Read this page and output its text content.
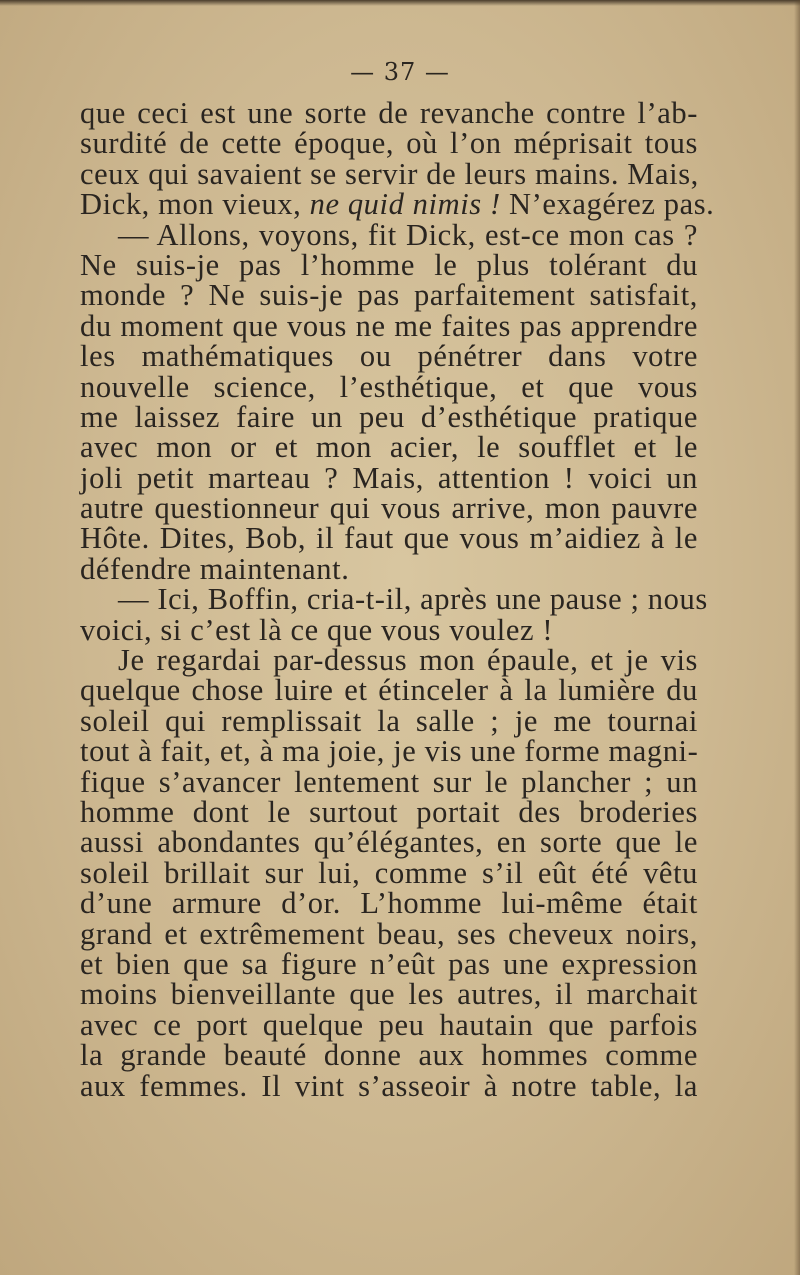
— 37 —
que ceci est une sorte de revanche contre l’ab-
surdité de cette époque, où l’on méprisait tous
ceux qui savaient se servir de leurs mains. Mais,
Dick, mon vieux, ne quid nimis ! N’exagérez pas.
— Allons, voyons, fit Dick, est-ce mon cas ?
Ne suis-je pas l’homme le plus tolérant du
monde ? Ne suis-je pas parfaitement satisfait,
du moment que vous ne me faites pas apprendre
les mathématiques ou pénétrer dans votre
nouvelle science, l’esthétique, et que vous
me laissez faire un peu d’esthétique pratique
avec mon or et mon acier, le soufflet et le
joli petit marteau ? Mais, attention ! voici un
autre questionneur qui vous arrive, mon pauvre
Hôte. Dites, Bob, il faut que vous m’aidiez à le
défendre maintenant.
— Ici, Boffin, cria-t-il, après une pause ; nous
voici, si c’est là ce que vous voulez !
Je regardai par-dessus mon épaule, et je vis
quelque chose luire et étinceler à la lumière du
soleil qui remplissait la salle ; je me tournai
tout à fait, et, à ma joie, je vis une forme magni-
fique s’avancer lentement sur le plancher ; un
homme dont le surtout portait des broderies
aussi abondantes qu’élégantes, en sorte que le
soleil brillait sur lui, comme s’il eût été vêtu
d’une armure d’or. L’homme lui-même était
grand et extrêmement beau, ses cheveux noirs,
et bien que sa figure n’eût pas une expression
moins bienveillante que les autres, il marchait
avec ce port quelque peu hautain que parfois
la grande beauté donne aux hommes comme
aux femmes. Il vint s’asseoir à notre table, la
